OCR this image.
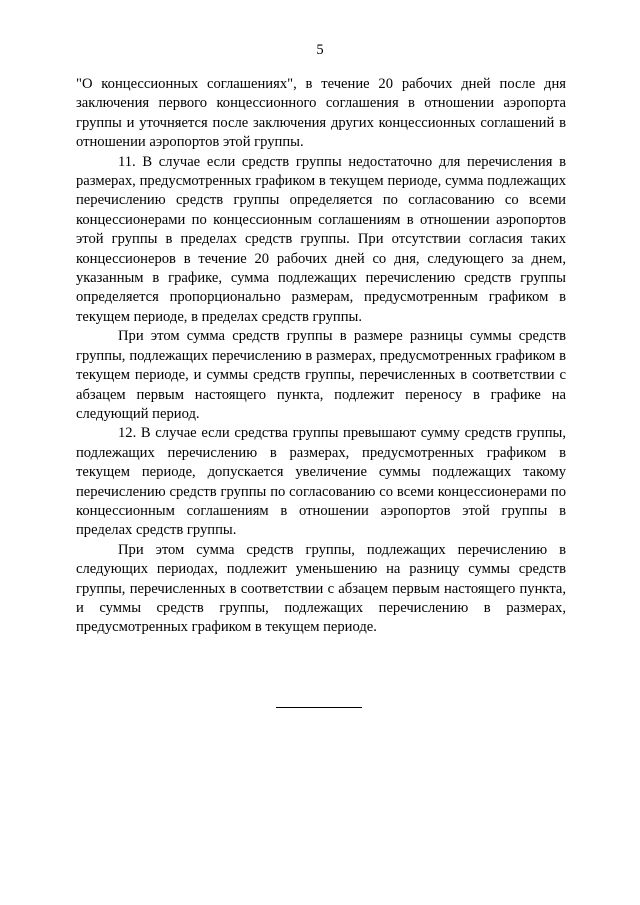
5

"О концессионных соглашениях", в течение 20 рабочих дней после дня заключения первого концессионного соглашения в отношении аэропорта группы и уточняется после заключения других концессионных соглашений в отношении аэропортов этой группы.

11. В случае если средств группы недостаточно для перечисления в размерах, предусмотренных графиком в текущем периоде, сумма подлежащих перечислению средств группы определяется по согласованию со всеми концессионерами по концессионным соглашениям в отношении аэропортов этой группы в пределах средств группы. При отсутствии согласия таких концессионеров в течение 20 рабочих дней со дня, следующего за днем, указанным в графике, сумма подлежащих перечислению средств группы определяется пропорционально размерам, предусмотренным графиком в текущем периоде, в пределах средств группы.

При этом сумма средств группы в размере разницы суммы средств группы, подлежащих перечислению в размерах, предусмотренных графиком в текущем периоде, и суммы средств группы, перечисленных в соответствии с абзацем первым настоящего пункта, подлежит переносу в графике на следующий период.

12. В случае если средства группы превышают сумму средств группы, подлежащих перечислению в размерах, предусмотренных графиком в текущем периоде, допускается увеличение суммы подлежащих такому перечислению средств группы по согласованию со всеми концессионерами по концессионным соглашениям в отношении аэропортов этой группы в пределах средств группы.

При этом сумма средств группы, подлежащих перечислению в следующих периодах, подлежит уменьшению на разницу суммы средств группы, перечисленных в соответствии с абзацем первым настоящего пункта, и суммы средств группы, подлежащих перечислению в размерах, предусмотренных графиком в текущем периоде.
